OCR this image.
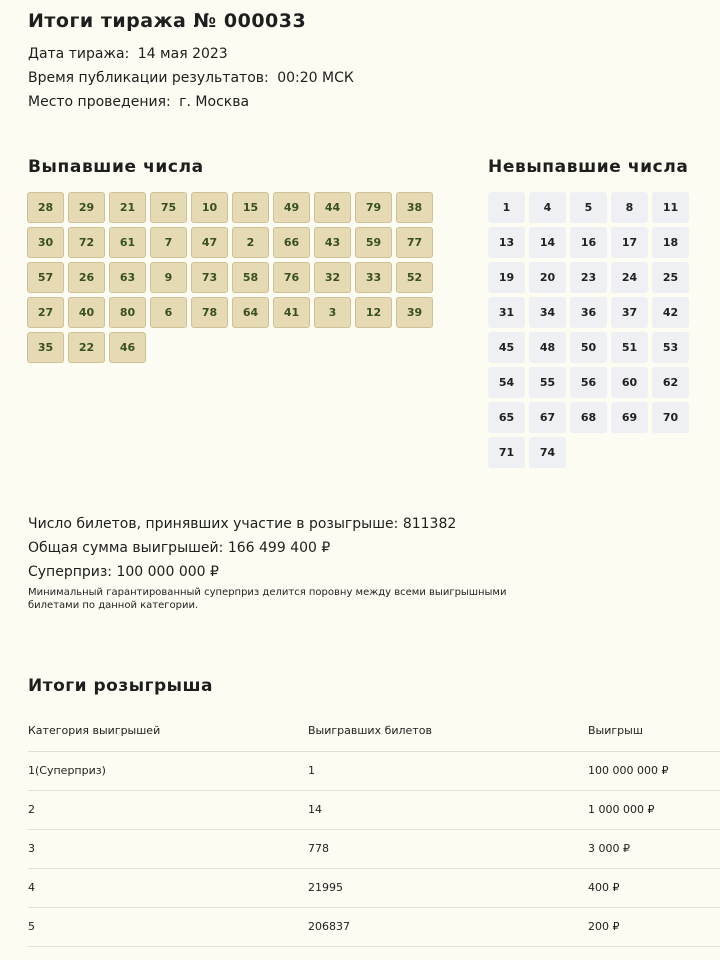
Итоги тиража № 000033
Дата тиража: 14 мая 2023
Время публикации результатов: 00:20 МСК
Место проведения: г. Москва
Выпавшие числа
28	29	21	75	10	15	49	44	79	38
30	72	61	7	47	2	66	43	59	77
57	26	63	9	73	58	76	32	33	52
27	40	80	6	78	64	41	3	12	39
35	22	46
Невыпавшие числа
1	4	5	8	11
13	14	16	17	18
19	20	23	24	25
31	34	36	37	42
45	48	50	51	53
54	55	56	60	62
65	67	68	69	70
71	74
Число билетов, принявших участие в розыгрыше: 811382
Общая сумма выигрышей: 166 499 400 ₽
Суперприз: 100 000 000 ₽
Минимальный гарантированный суперприз делится поровну между всеми выигрышными билетами по данной категории.
Итоги розыгрыша
Категория выигрышей	Выигравших билетов	Выигрыш
1(Суперприз)	1	100 000 000 ₽
2	14	1 000 000 ₽
3	778	3 000 ₽
4	21995	400 ₽
5	206837	200 ₽
